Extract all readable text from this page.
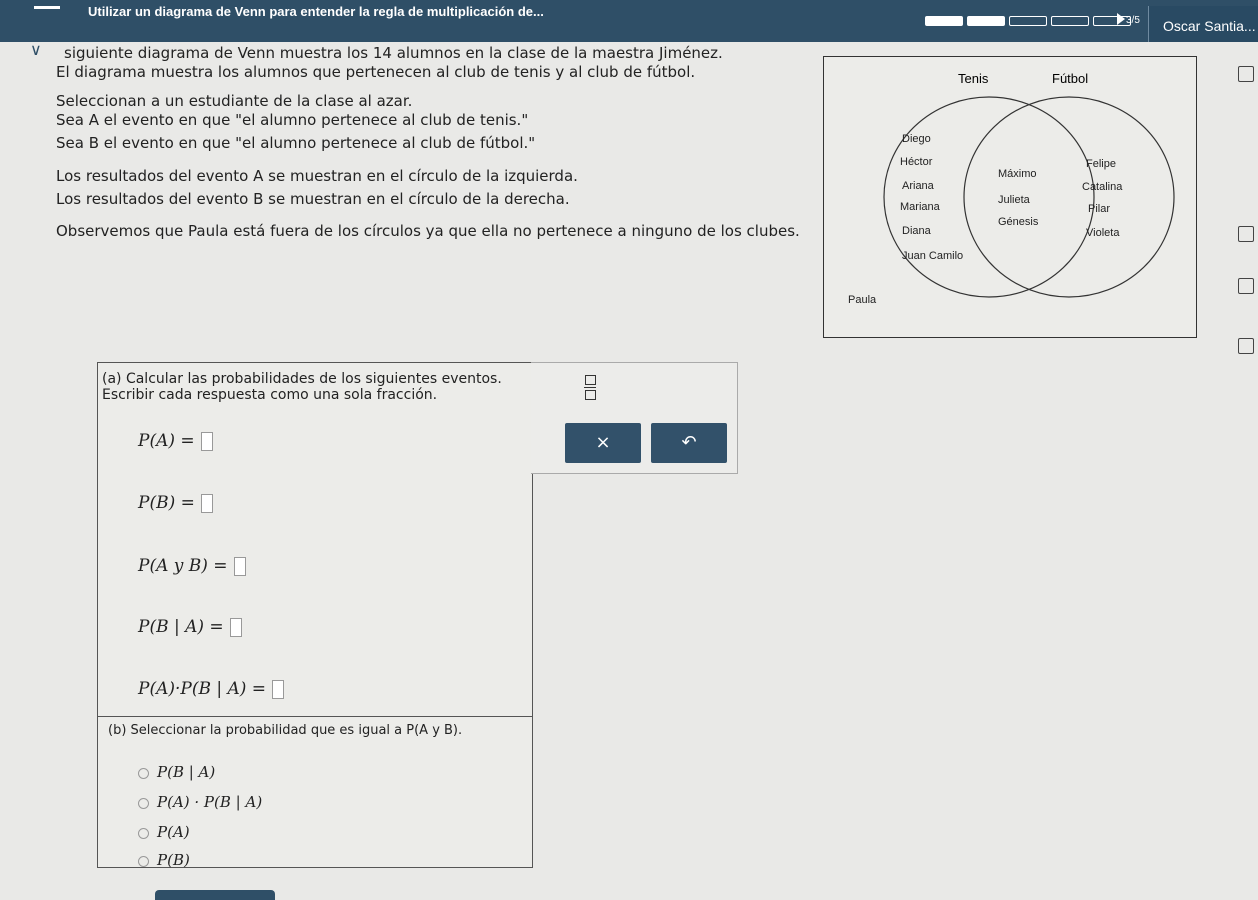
Utilizar un diagrama de Venn para entender la regla de multiplicación de...
3/5 Oscar Santia...
∨ siguiente diagrama de Venn muestra los 14 alumnos en la clase de la maestra Jiménez.

El diagrama muestra los alumnos que pertenecen al club de tenis y al club de fútbol.

Seleccionan a un estudiante de la clase al azar.

Sea A el evento en que "el alumno pertenece al club de tenis."

Sea B el evento en que "el alumno pertenece al club de fútbol."

Los resultados del evento A se muestran en el círculo de la izquierda.

Los resultados del evento B se muestran en el círculo de la derecha.

Observemos que Paula está fuera de los círculos ya que ella no pertenece a ninguno de los clubes.

Tenis	Fútbol
Diego
Héctor
Ariana
Mariana
Diana
Juan Camilo
Máximo
Julieta
Génesis
Felipe
Catalina
Pilar
Violeta
Paula
(a) Calcular las probabilidades de los siguientes eventos.
Escribir cada respuesta como una sola fracción.
P(A) =
P(B) =
P(A y B) =
P(B | A) =
P(A)·P(B | A) =
×	↶
(b) Seleccionar la probabilidad que es igual a P(A y B).
P(B | A)
P(A) · P(B | A)
P(A)
P(B)
